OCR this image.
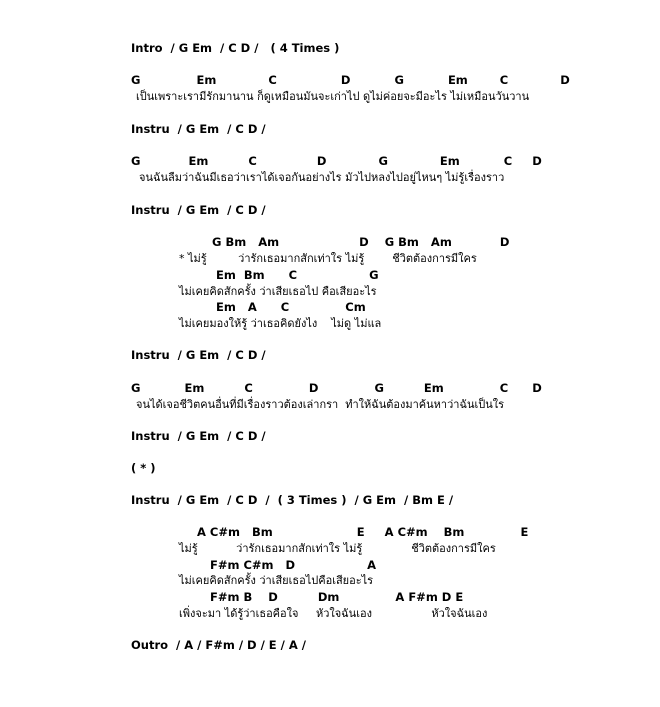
Intro  / G Em  / C D /   ( 4 Times )
G              Em             C                D           G           Em        C             D
เป็นเพราะเรามีรักมานาน ก็ดูเหมือนมันจะเก่าไป ดูไม่ค่อยจะมีอะไร ไม่เหมือนวันวาน
Instru  / G Em  / C D /
G            Em          C               D             G             Em           C     D
จนฉันลืมว่าฉันมีเธอว่าเราได้เจอกันอย่างไร มัวไปหลงไปอยู่ไหนๆ ไม่รู้เรื่องราว
Instru  / G Em  / C D /
G Bm   Am                    D    G Bm   Am            D
* ไม่รู้         ว่ารักเธอมากสักเท่าใร ไม่รู้        ชีวิตต้องการมีใคร
Em  Bm      C                  G
ไม่เคยคิดสักครั้ง ว่าเสียเธอไป คือเสียอะไร
Em   A      C              Cm
ไม่เคยมองให้รู้ ว่าเธอคิดยังไง    ไม่ดู ไม่แล
Instru  / G Em  / C D /
G           Em          C              D              G          Em              C      D
จนได้เจอชีวิตคนอื่นที่มีเรื่องราวต้องเล่ากรา  ทำให้ฉันต้องมาค้นหาว่าฉันเป็นใร
Instru  / G Em  / C D /
( * )
Instru  / G Em  / C D  /  ( 3 Times )  / G Em  / Bm E /
A C#m   Bm                     E     A C#m    Bm              E
ไม่รู้           ว่ารักเธอมากสักเท่าใร ไม่รู้              ชีวิตต้องการมีใคร
F#m C#m   D                  A
ไม่เคยคิดสักครั้ง ว่าเสียเธอไปคือเสียอะไร
F#m B    D          Dm              A F#m D E
เพิ่งจะมา ได้รู้ว่าเธอคือใจ     หัวใจฉันเอง                 หัวใจฉันเอง
Outro  / A / F#m / D / E / A /
